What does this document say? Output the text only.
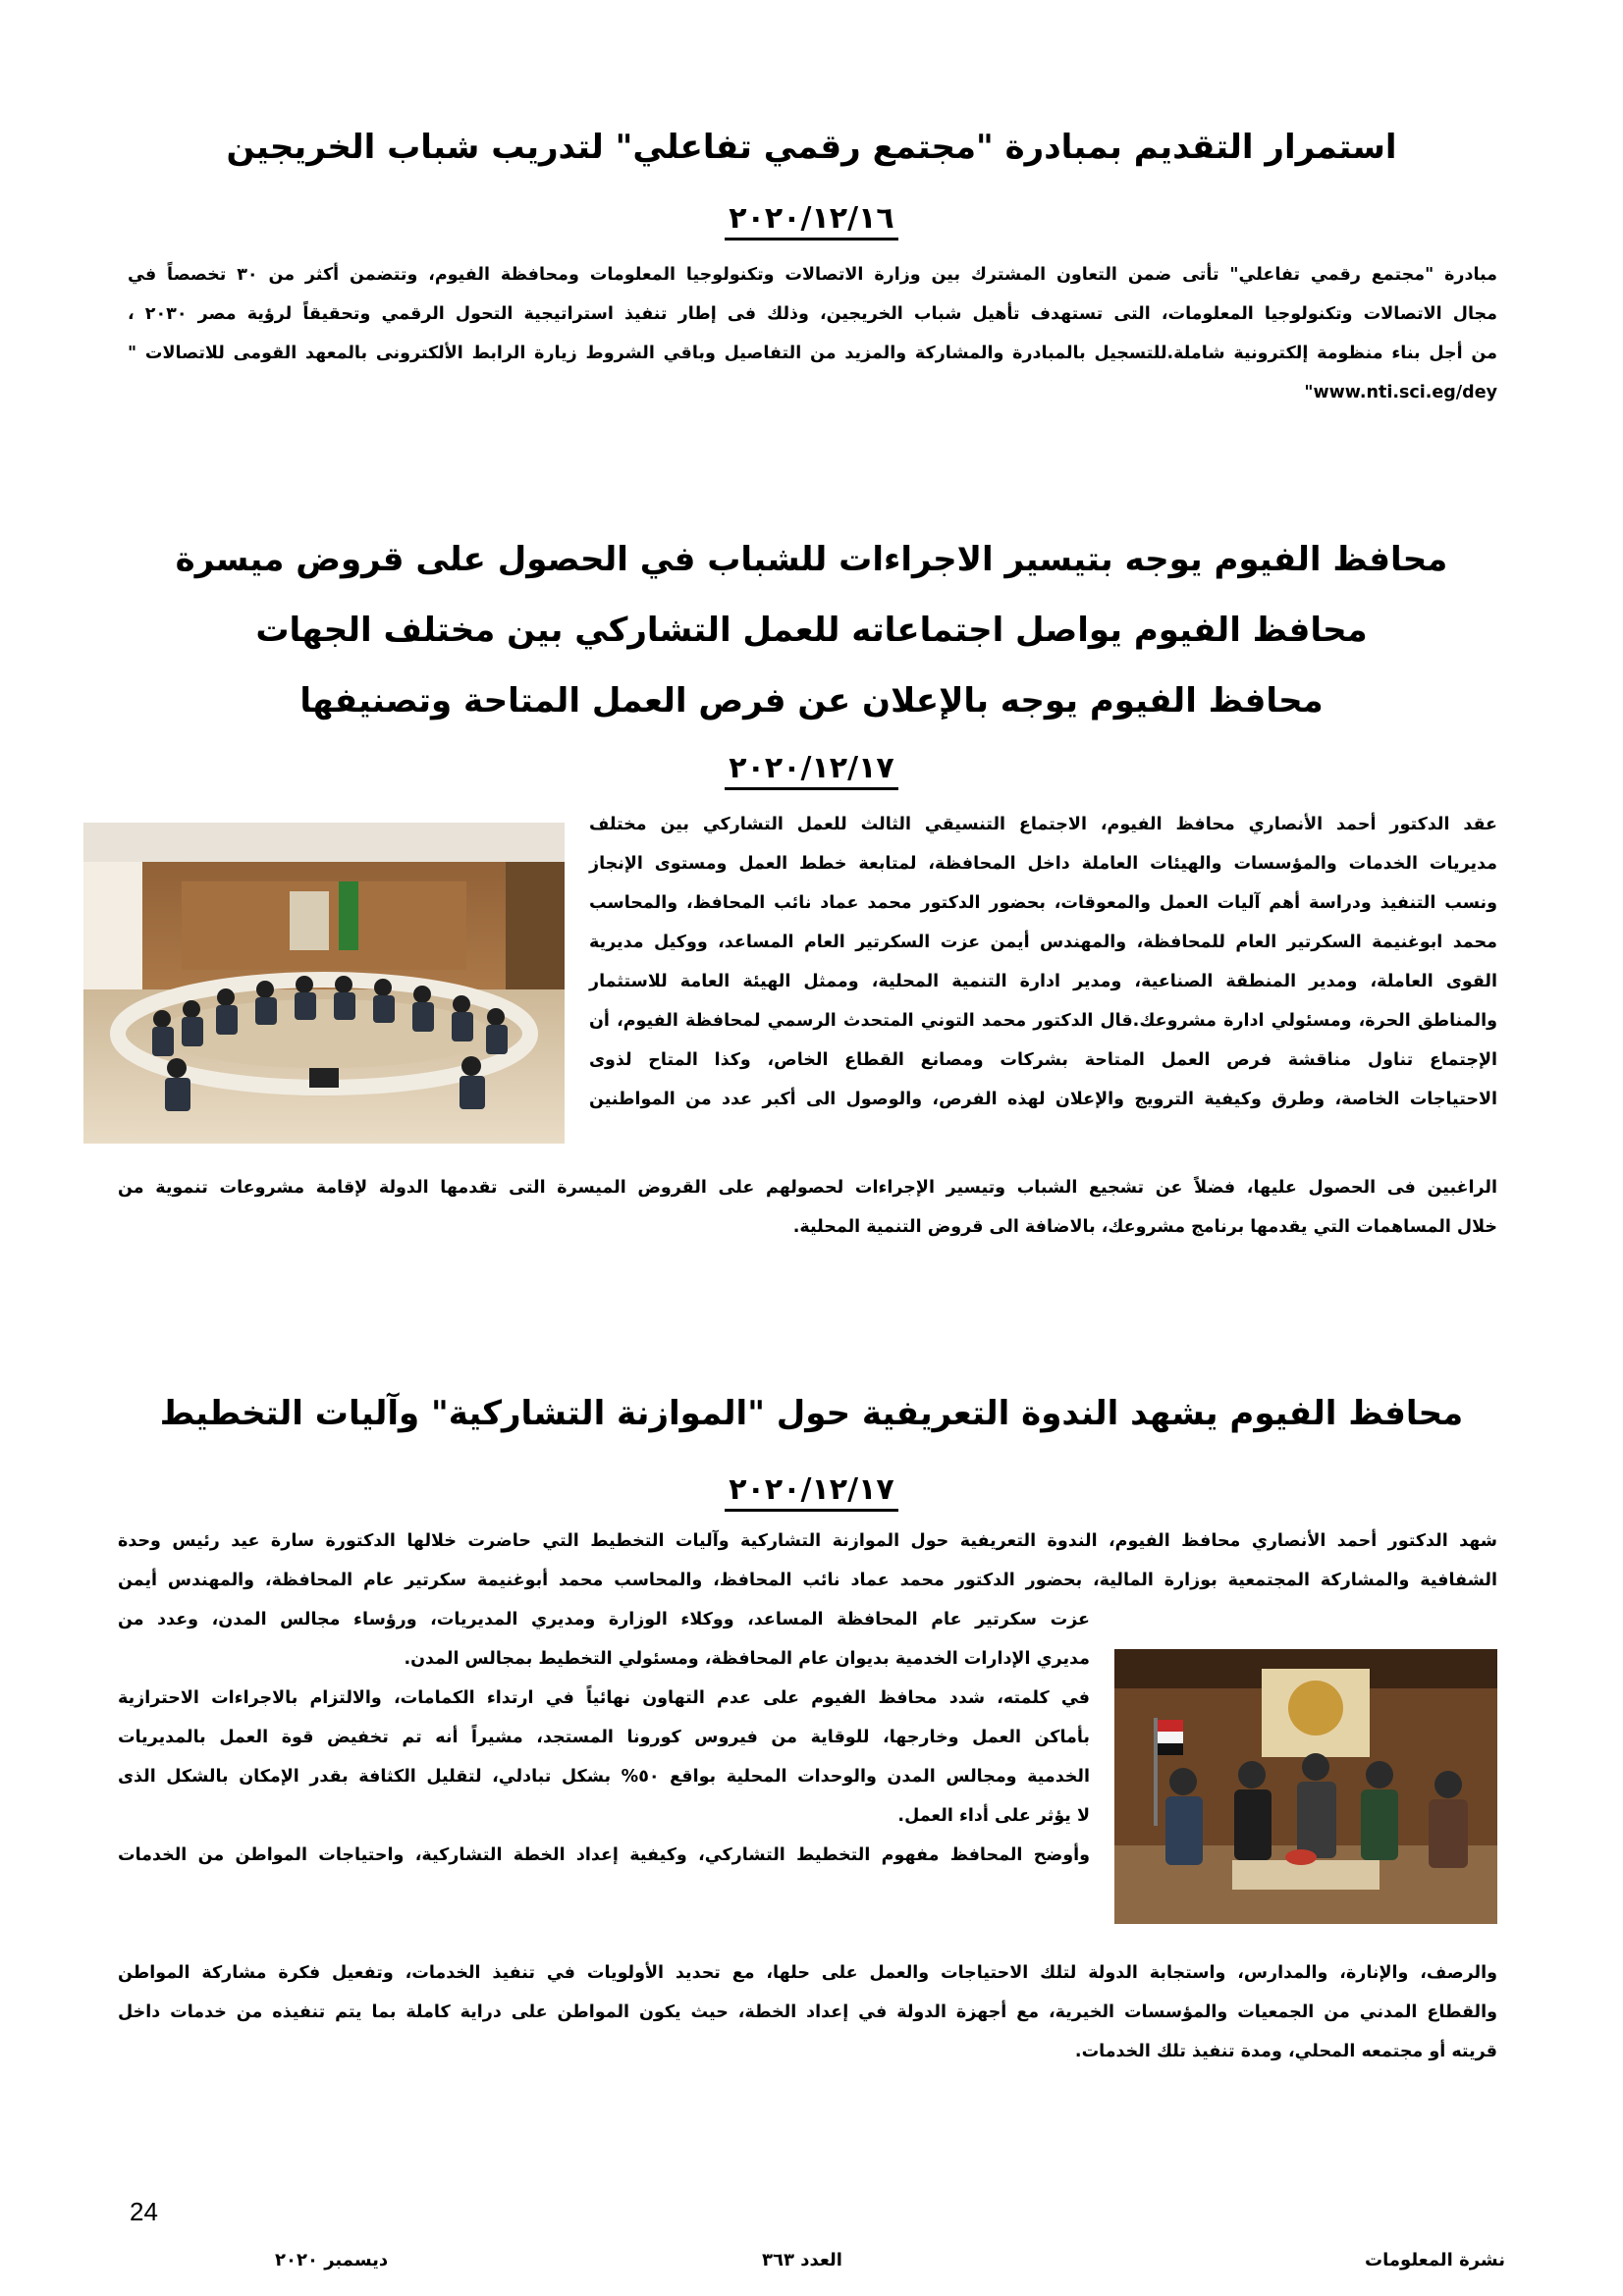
استمرار التقديم بمبادرة "مجتمع رقمي تفاعلي" لتدريب شباب الخريجين
٢٠٢٠/١٢/١٦
مبادرة "مجتمع رقمي تفاعلي" تأتى ضمن التعاون المشترك بين وزارة الاتصالات وتكنولوجيا المعلومات ومحافظة الفيوم، وتتضمن أكثر من ٣٠ تخصصاً في
مجال الاتصالات وتكنولوجيا المعلومات، التى تستهدف تأهيل شباب الخريجين، وذلك فى إطار تنفيذ استراتيجية التحول الرقمي وتحقيقاً لرؤية مصر ٢٠٣٠ ،
من أجل بناء منظومة إلكترونية شاملة.للتسجيل بالمبادرة والمشاركة والمزيد من التفاصيل وباقي الشروط زيارة الرابط الألكترونى بالمعهد القومى للاتصالات "
"www.nti.sci.eg/dey
محافظ الفيوم يوجه بتيسير الاجراءات للشباب في الحصول على قروض ميسرة
محافظ الفيوم يواصل اجتماعاته للعمل التشاركي بين مختلف الجهات
محافظ الفيوم يوجه بالإعلان عن فرص العمل المتاحة وتصنيفها
٢٠٢٠/١٢/١٧
عقد الدكتور أحمد الأنصاري محافظ الفيوم، الاجتماع التنسيقي الثالث للعمل التشاركي بين مختلف
مديريات الخدمات والمؤسسات والهيئات العاملة داخل المحافظة، لمتابعة خطط العمل ومستوى الإنجاز
ونسب التنفيذ ودراسة أهم آليات العمل والمعوقات، بحضور الدكتور محمد عماد نائب المحافظ، والمحاسب
محمد ابوغنيمة السكرتير العام للمحافظة، والمهندس أيمن عزت السكرتير العام المساعد، ووكيل مديرية
القوى العاملة، ومدير المنطقة الصناعية، ومدير ادارة التنمية المحلية، وممثل الهيئة العامة للاستثمار
والمناطق الحرة، ومسئولي ادارة مشروعك.قال الدكتور محمد التوني المتحدث الرسمي لمحافظة الفيوم، أن
الإجتماع تناول مناقشة فرص العمل المتاحة بشركات ومصانع القطاع الخاص، وكذا المتاح لذوى
الاحتياجات الخاصة، وطرق وكيفية الترويج والإعلان لهذه الفرص، والوصول الى أكبر عدد من المواطنين
الراغبين فى الحصول عليها، فضلاً عن تشجيع الشباب وتيسير الإجراءات لحصولهم على القروض الميسرة التى تقدمها الدولة لإقامة مشروعات تنموية من
خلال المساهمات التي يقدمها برنامج مشروعك، بالاضافة الى قروض التنمية المحلية.
محافظ الفيوم يشهد الندوة التعريفية حول "الموازنة التشاركية" وآليات التخطيط
٢٠٢٠/١٢/١٧
شهد الدكتور أحمد الأنصاري محافظ الفيوم، الندوة التعريفية حول الموازنة التشاركية وآليات التخطيط التي حاضرت خلالها الدكتورة سارة عيد رئيس وحدة
الشفافية والمشاركة المجتمعية بوزارة المالية، بحضور الدكتور محمد عماد نائب المحافظ، والمحاسب محمد أبوغنيمة سكرتير عام المحافظة، والمهندس أيمن
عزت سكرتير عام المحافظة المساعد، ووكلاء الوزارة ومديري المديريات، ورؤساء مجالس المدن، وعدد من
مديري الإدارات الخدمية بديوان عام المحافظة، ومسئولي التخطيط بمجالس المدن.
في كلمته، شدد محافظ الفيوم على عدم التهاون نهائياً في ارتداء الكمامات، والالتزام بالاجراءات الاحترازية
بأماكن العمل وخارجها، للوقاية من فيروس كورونا المستجد، مشيراً أنه تم تخفيض قوة العمل بالمديريات
الخدمية ومجالس المدن والوحدات المحلية بواقع ٥٠% بشكل تبادلي، لتقليل الكثافة بقدر الإمكان بالشكل الذى
لا يؤثر على أداء العمل.
وأوضح المحافظ مفهوم التخطيط التشاركي، وكيفية إعداد الخطة التشاركية، واحتياجات المواطن من الخدمات
والرصف، والإنارة، والمدارس، واستجابة الدولة لتلك الاحتياجات والعمل على حلها، مع تحديد الأولويات في تنفيذ الخدمات، وتفعيل فكرة مشاركة المواطن
والقطاع المدني من الجمعيات والمؤسسات الخيرية، مع أجهزة الدولة في إعداد الخطة، حيث يكون المواطن على دراية كاملة بما يتم تنفيذه من خدمات داخل
قريته أو مجتمعه المحلي، ومدة تنفيذ تلك الخدمات.
24
نشرة المعلومات
العدد ٣٦٣
ديسمبر ٢٠٢٠
